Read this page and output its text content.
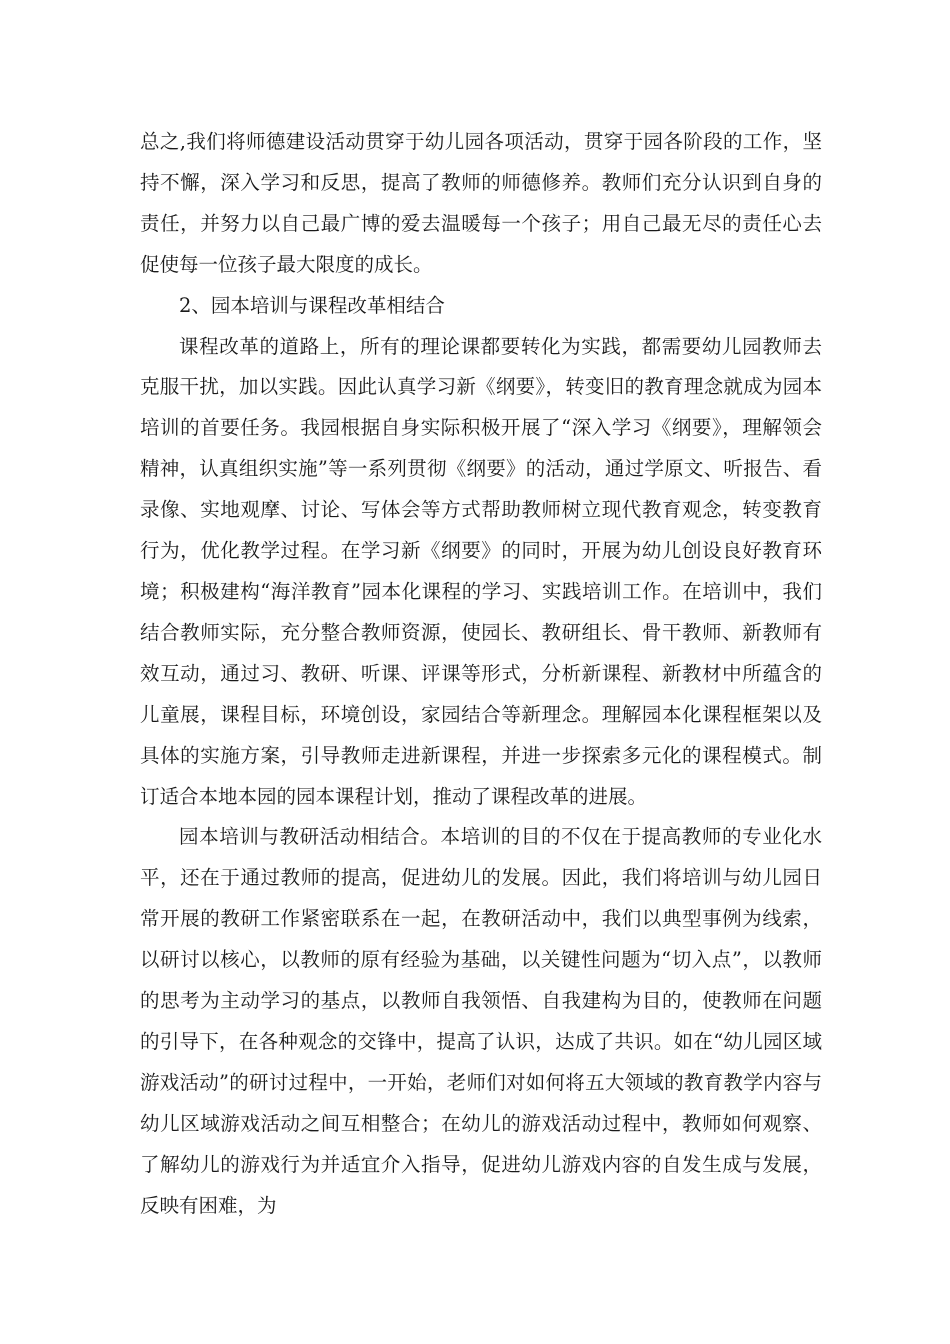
总之,我们将师德建设活动贯穿于幼儿园各项活动，贯穿于园各阶段的工作，坚持不懈，深入学习和反思，提高了教师的师德修养。教师们充分认识到自身的责任，并努力以自己最广博的爱去温暖每一个孩子；用自己最无尽的责任心去促使每一位孩子最大限度的成长。

2、园本培训与课程改革相结合

课程改革的道路上，所有的理论课都要转化为实践，都需要幼儿园教师去克服干扰，加以实践。因此认真学习新《纲要》，转变旧的教育理念就成为园本培训的首要任务。我园根据自身实际积极开展了“深入学习《纲要》，理解领会精神，认真组织实施”等一系列贯彻《纲要》的活动，通过学原文、听报告、看录像、实地观摩、讨论、写体会等方式帮助教师树立现代教育观念，转变教育行为，优化教学过程。在学习新《纲要》的同时，开展为幼儿创设良好教育环境；积极建构“海洋教育”园本化课程的学习、实践培训工作。在培训中，我们结合教师实际，充分整合教师资源，使园长、教研组长、骨干教师、新教师有效互动，通过习、教研、听课、评课等形式，分析新课程、新教材中所蕴含的儿童展，课程目标，环境创设，家园结合等新理念。理解园本化课程框架以及具体的实施方案，引导教师走进新课程，并进一步探索多元化的课程模式。制订适合本地本园的园本课程计划，推动了课程改革的进展。

园本培训与教研活动相结合。本培训的目的不仅在于提高教师的专业化水平，还在于通过教师的提高，促进幼儿的发展。因此，我们将培训与幼儿园日常开展的教研工作紧密联系在一起，在教研活动中，我们以典型事例为线索，以研讨以核心，以教师的原有经验为基础，以关键性问题为“切入点”，以教师的思考为主动学习的基点，以教师自我领悟、自我建构为目的，使教师在问题的引导下，在各种观念的交锋中，提高了认识，达成了共识。如在“幼儿园区域游戏活动”的研讨过程中，一开始，老师们对如何将五大领域的教育教学内容与幼儿区域游戏活动之间互相整合；在幼儿的游戏活动过程中，教师如何观察、了解幼儿的游戏行为并适宜介入指导，促进幼儿游戏内容的自发生成与发展，反映有困难，为
